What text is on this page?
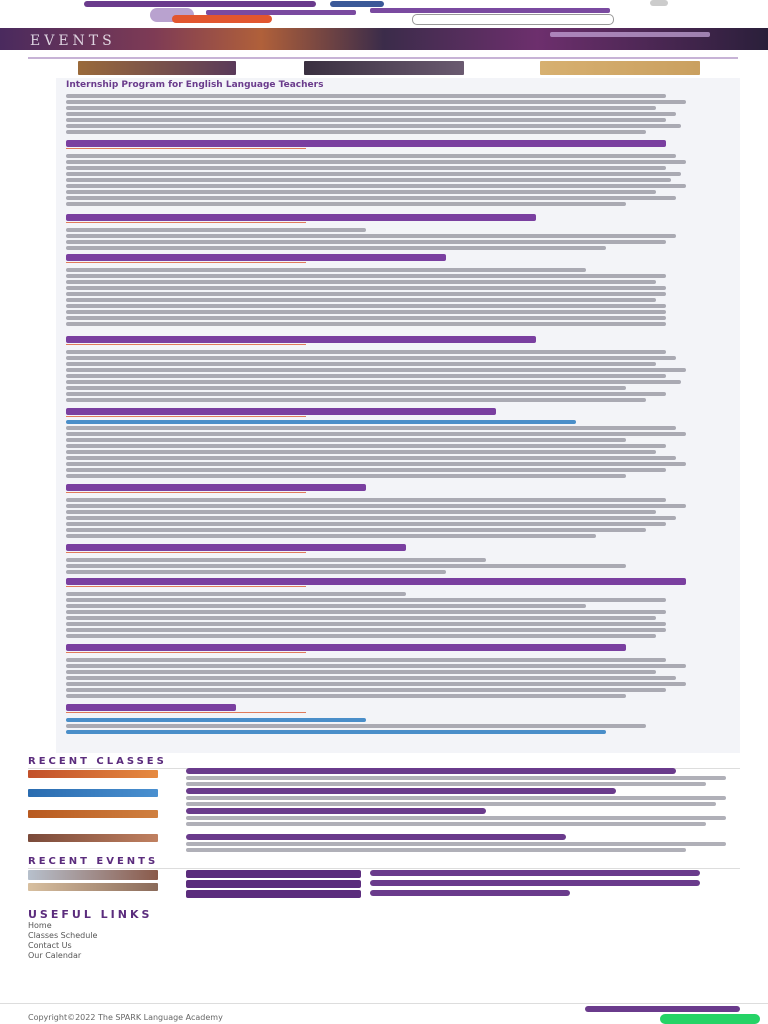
EVENTS
Internship Program for English Language Teachers
RECENT CLASSES
RECENT EVENTS
USEFUL LINKS
Home
Classes Schedule
Contact Us
Our Calendar
Copyright©2022 The SPARK Language Academy
